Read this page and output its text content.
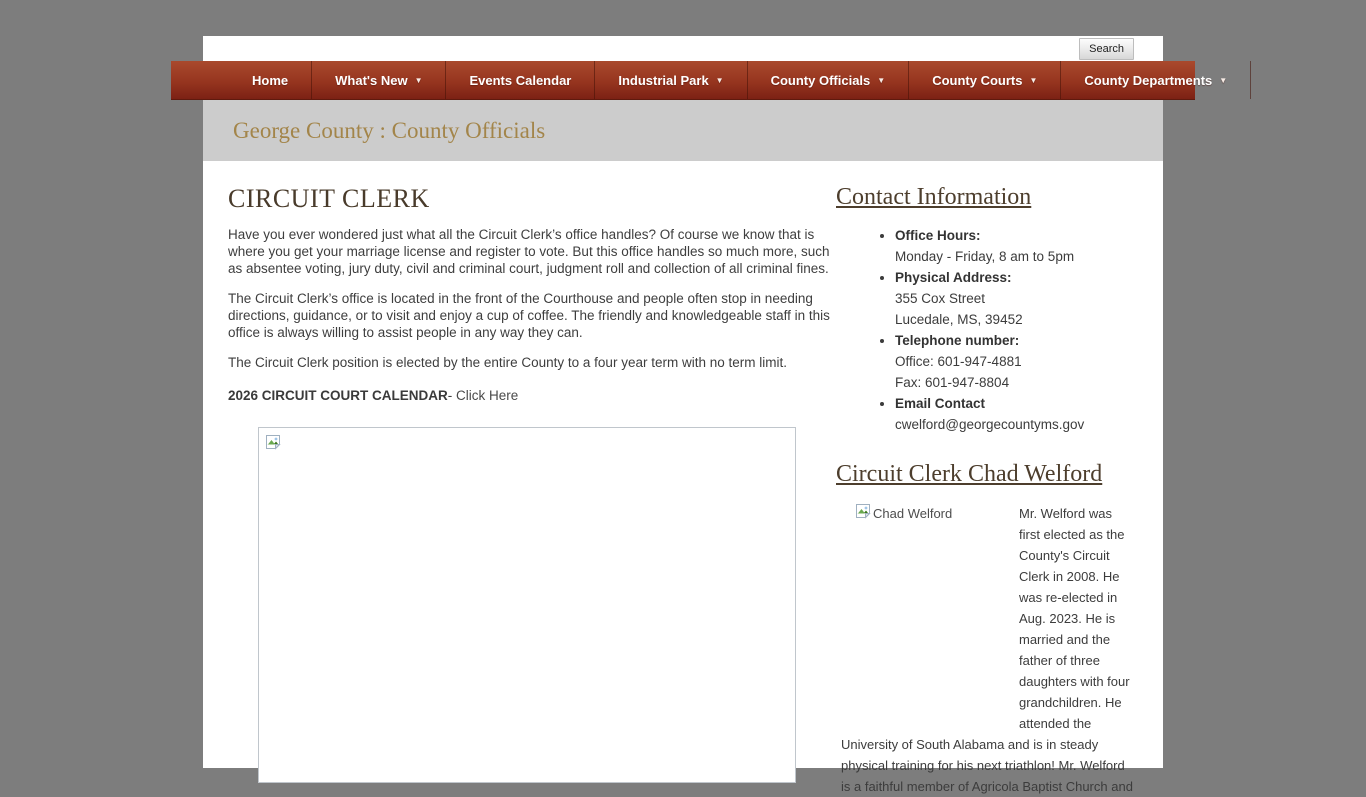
Search
Home	What's New ▼	Events Calendar	Industrial Park ▼	County Officials ▼	County Courts ▼	County Departments ▼
George County : County Officials
CIRCUIT CLERK

Have you ever wondered just what all the Circuit Clerk’s office handles? Of course we know that is where you get your marriage license and register to vote. But this office handles so much more, such as absentee voting, jury duty, civil and criminal court, judgment roll and collection of all criminal fines.

The Circuit Clerk’s office is located in the front of the Courthouse and people often stop in needing directions, guidance, or to visit and enjoy a cup of coffee. The friendly and knowledgeable staff in this office is always willing to assist people in any way they can.

The Circuit Clerk position is elected by the entire County to a four year term with no term limit.

2026 CIRCUIT COURT CALENDAR- Click Here
Contact Information
• Office Hours:
Monday - Friday, 8 am to 5pm
• Physical Address:
355 Cox Street
Lucedale, MS, 39452
• Telephone number:
Office: 601-947-4881
Fax: 601-947-8804
• Email Contact
cwelford@georgecountyms.gov
Circuit Clerk Chad Welford
Chad Welford	Mr. Welford was first elected as the County's Circuit Clerk in 2008. He was re-elected in Aug. 2023. He is married and the father of three daughters with four grandchildren. He attended the University of South Alabama and is in steady physical training for his next triathlon! Mr. Welford is a faithful member of Agricola Baptist Church and
